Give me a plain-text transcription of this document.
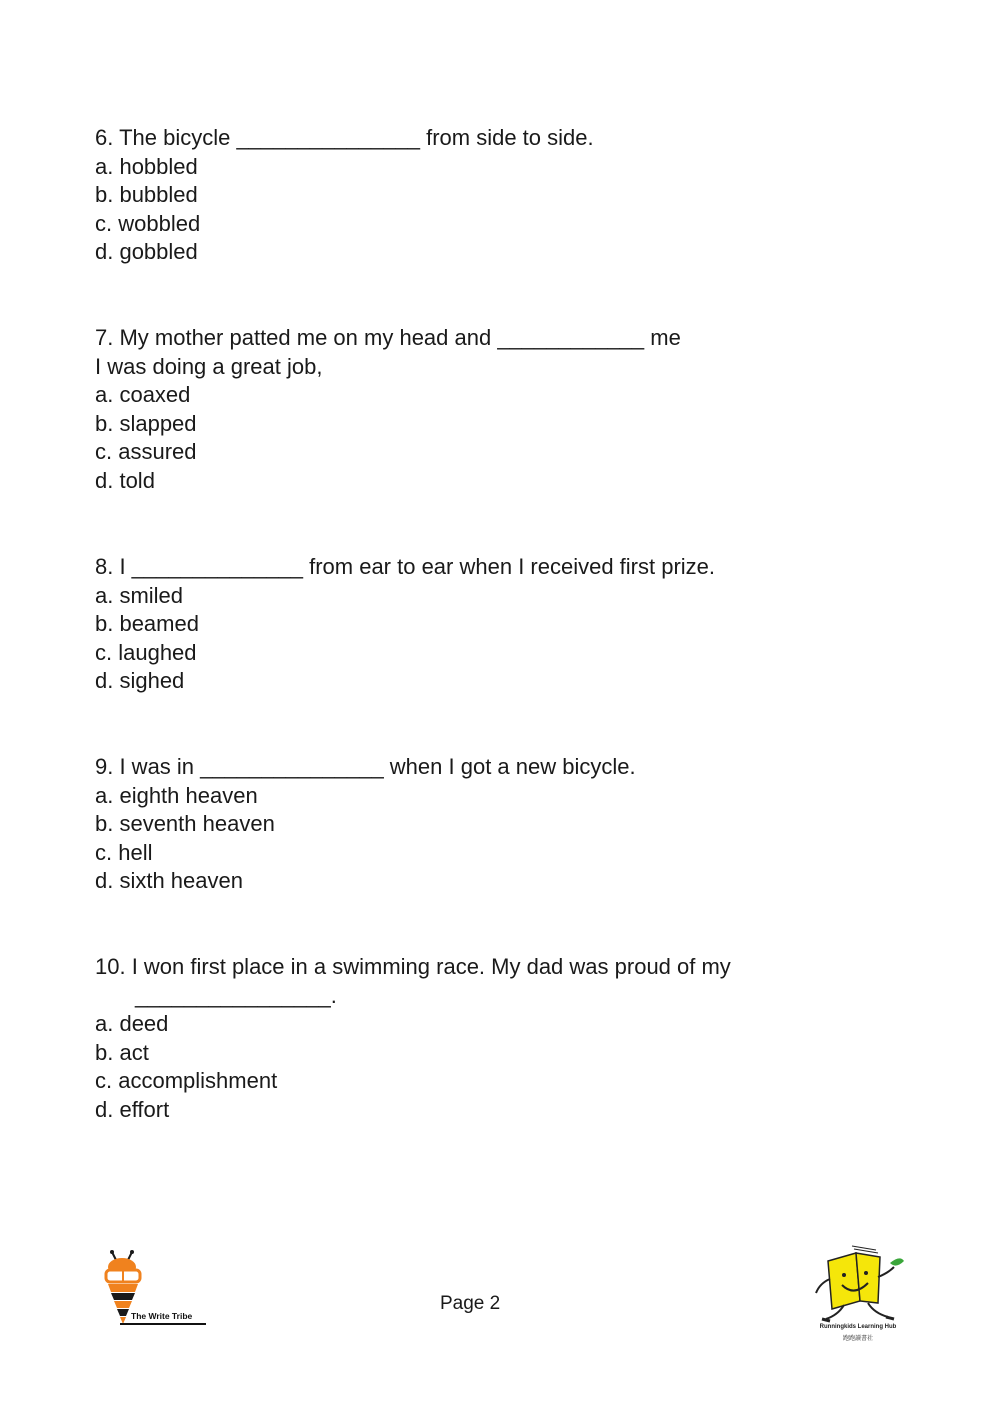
6. The bicycle _______________ from side to side.
a. hobbled
b. bubbled
c. wobbled
d. gobbled
7. My mother patted me on my head and ____________ me
I was doing a great job,
a. coaxed
b. slapped
c. assured
d. told
8. I ______________ from ear to ear when I received first prize.
a. smiled
b. beamed
c. laughed
d. sighed
9. I was in _______________ when I got a new bicycle.
a. eighth heaven
b. seventh heaven
c. hell
d. sixth heaven
10. I won first place in a swimming race. My dad was proud of my
________________.
a. deed
b. act
c. accomplishment
d. effort
The Write Tribe
Page 2
Runningkids Learning Hub
跑跑讀書社
